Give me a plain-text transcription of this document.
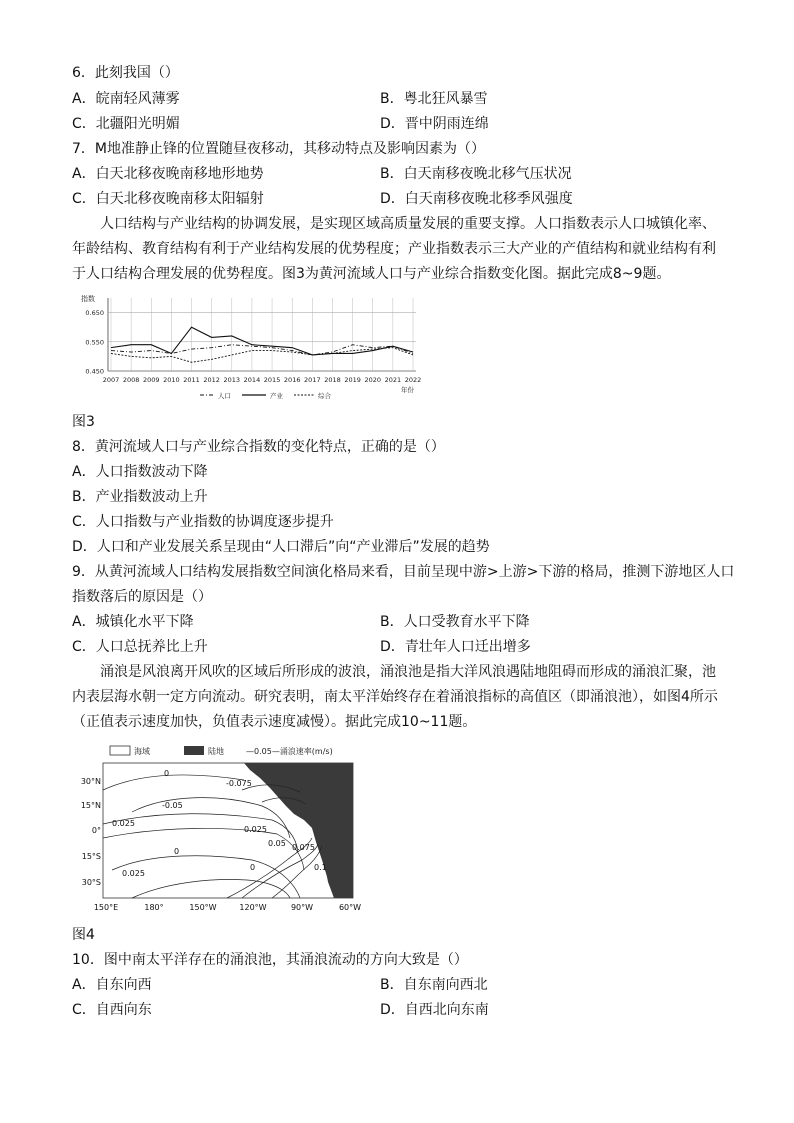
6．此刻我国（）
A．皖南轻风薄雾	B．粤北狂风暴雪
C．北疆阳光明媚	D．晋中阴雨连绵
7．M地准静止锋的位置随昼夜移动，其移动特点及影响因素为（）
A．白天北移夜晚南移地形地势	B．白天南移夜晚北移气压状况
C．白天北移夜晚南移太阳辐射	D．白天南移夜晚北移季风强度
人口结构与产业结构的协调发展，是实现区域高质量发展的重要支撑。人口指数表示人口城镇化率、
年龄结构、教育结构有利于产业结构发展的优势程度；产业指数表示三大产业的产值结构和就业结构有利
于人口结构合理发展的优势程度。图3为黄河流域人口与产业综合指数变化图。据此完成8~9题。
指数
0.650
0.550
0.450
2007 2008 2009 2010 2011 2012 2013 2014 2015 2016 2017 2018 2019 2020 2021 2022
年份
人口	产业	综合
图3
8．黄河流域人口与产业综合指数的变化特点，正确的是（）
A．人口指数波动下降
B．产业指数波动上升
C．人口指数与产业指数的协调度逐步提升
D．人口和产业发展关系呈现由“人口滞后”向“产业滞后”发展的趋势
9．从黄河流域人口结构发展指数空间演化格局来看，目前呈现中游>上游>下游的格局，推测下游地区人口
指数落后的原因是（）
A．城镇化水平下降	B．人口受教育水平下降
C．人口总抚养比上升	D．青壮年人口迁出增多
涌浪是风浪离开风吹的区域后所形成的波浪，涌浪池是指大洋风浪遇陆地阻碍而形成的涌浪汇聚，池
内表层海水朝一定方向流动。研究表明，南太平洋始终存在着涌浪指标的高值区（即涌浪池），如图4所示
（正值表示速度加快，负值表示速度减慢）。据此完成10~11题。
海域	陆地	—0.05—涌浪速率(m/s)
0
-0.075
-0.05
0.025
0
0.025
0.05 0.075
0.1
0
0.025
30°N
15°N
0°
15°S
30°S
150°E	180°	150°W	120°W	90°W	60°W
图4
10．图中南太平洋存在的涌浪池，其涌浪流动的方向大致是（）
A．自东向西	B．自东南向西北
C．自西向东	D．自西北向东南
